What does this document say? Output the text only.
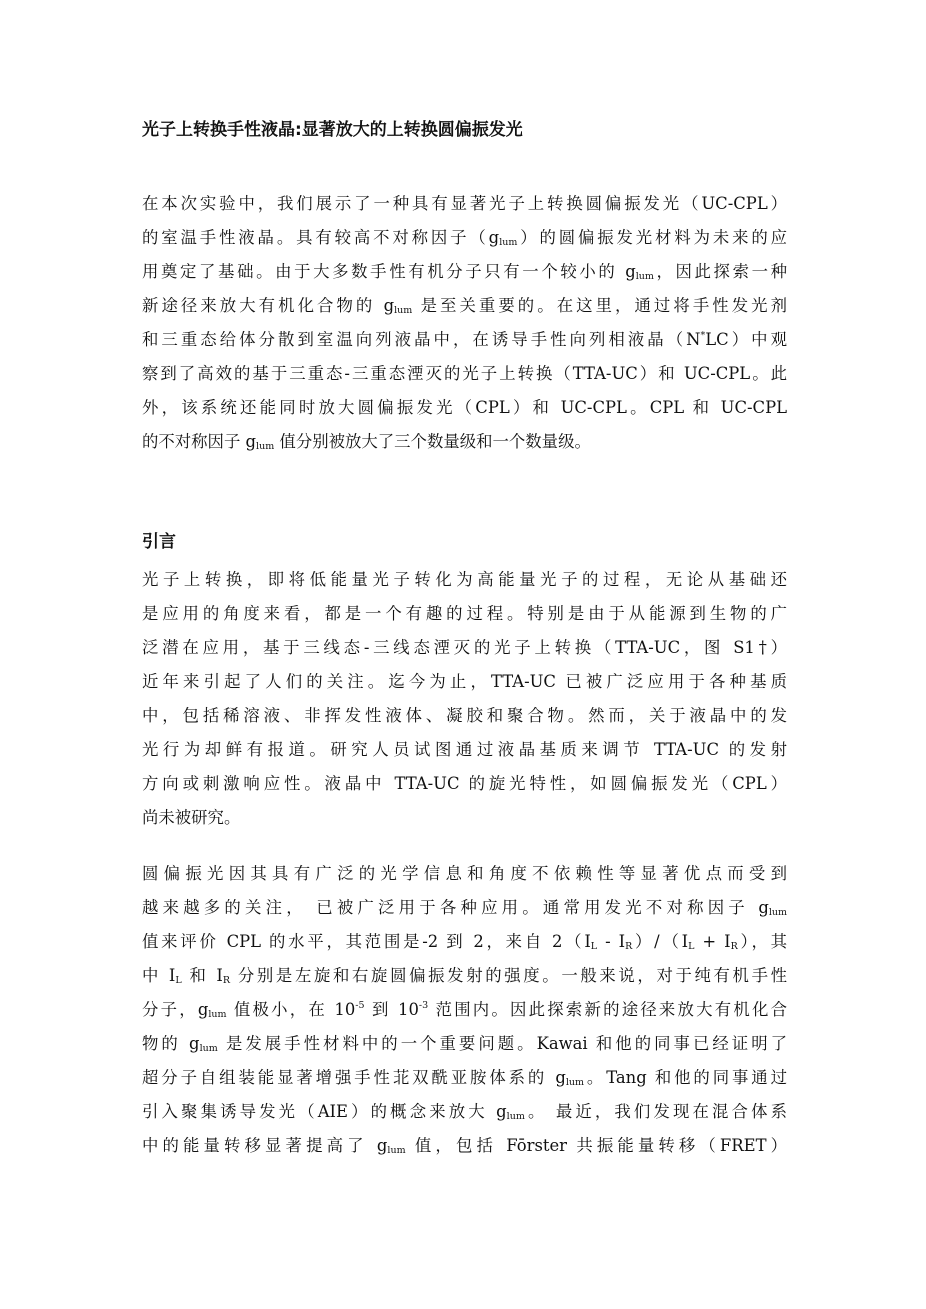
光子上转换手性液晶:显著放大的上转换圆偏振发光
在本次实验中，我们展示了一种具有显著光子上转换圆偏振发光（UC-CPL）
的室温手性液晶。具有较高不对称因子$(g_{lum})$的圆偏振发光材料为未来的应
用奠定了基础。由于大多数手性有机分子只有一个较小的 $g_{lum}$，因此探索一种
新途径来放大有机化合物的 $g_{lum}$ 是至关重要的。在这里，通过将手性发光剂
和三重态给体分散到室温向列液晶中，在诱导手性向列相液晶（N*LC）中观
察到了高效的基于三重态-三重态湮灭的光子上转换（TTA-UC）和 UC-CPL。此
外，该系统还能同时放大圆偏振发光（CPL）和 UC-CPL。CPL 和 UC-CPL
的不对称因子 $g_{lum}$ 值分别被放大了三个数量级和一个数量级。
引言
光子上转换，即将低能量光子转化为高能量光子的过程，无论从基础还
是应用的角度来看，都是一个有趣的过程。特别是由于从能源到生物的广
泛潜在应用，基于三线态-三线态湮灭的光子上转换（TTA-UC，图 S1†）
近年来引起了人们的关注。迄今为止，TTA-UC 已被广泛应用于各种基质
中，包括稀溶液、非挥发性液体、凝胶和聚合物。然而，关于液晶中的发
光行为却鲜有报道。研究人员试图通过液晶基质来调节 TTA-UC 的发射
方向或刺激响应性。液晶中 TTA-UC 的旋光特性，如圆偏振发光（CPL）
尚未被研究。
圆偏振光因其具有广泛的光学信息和角度不依赖性等显著优点而受到
越来越多的关注， 已被广泛用于各种应用。通常用发光不对称因子 $g_{lum}$
值来评价 CPL 的水平，其范围是-2 到 2，来自 $2(I_L - I_R)/(I_L + I_R)$，其
中 $I_L$ 和 $I_R$ 分别是左旋和右旋圆偏振发射的强度。一般来说，对于纯有机手性
分子，$g_{lum}$ 值极小，在 $10^{-5}$ 到 $10^{-3}$ 范围内。因此探索新的途径来放大有机化合
物的 $g_{lum}$ 是发展手性材料中的一个重要问题。Kawai 和他的同事已经证明了
超分子自组装能显著增强手性苝双酰亚胺体系的 $g_{lum}$。Tang 和他的同事通过
引入聚集诱导发光（AIE）的概念来放大 $g_{lum}$。 最近，我们发现在混合体系
中的能量转移显著提高了 $g_{lum}$ 值，包括 Fōrster 共振能量转移（FRET）
